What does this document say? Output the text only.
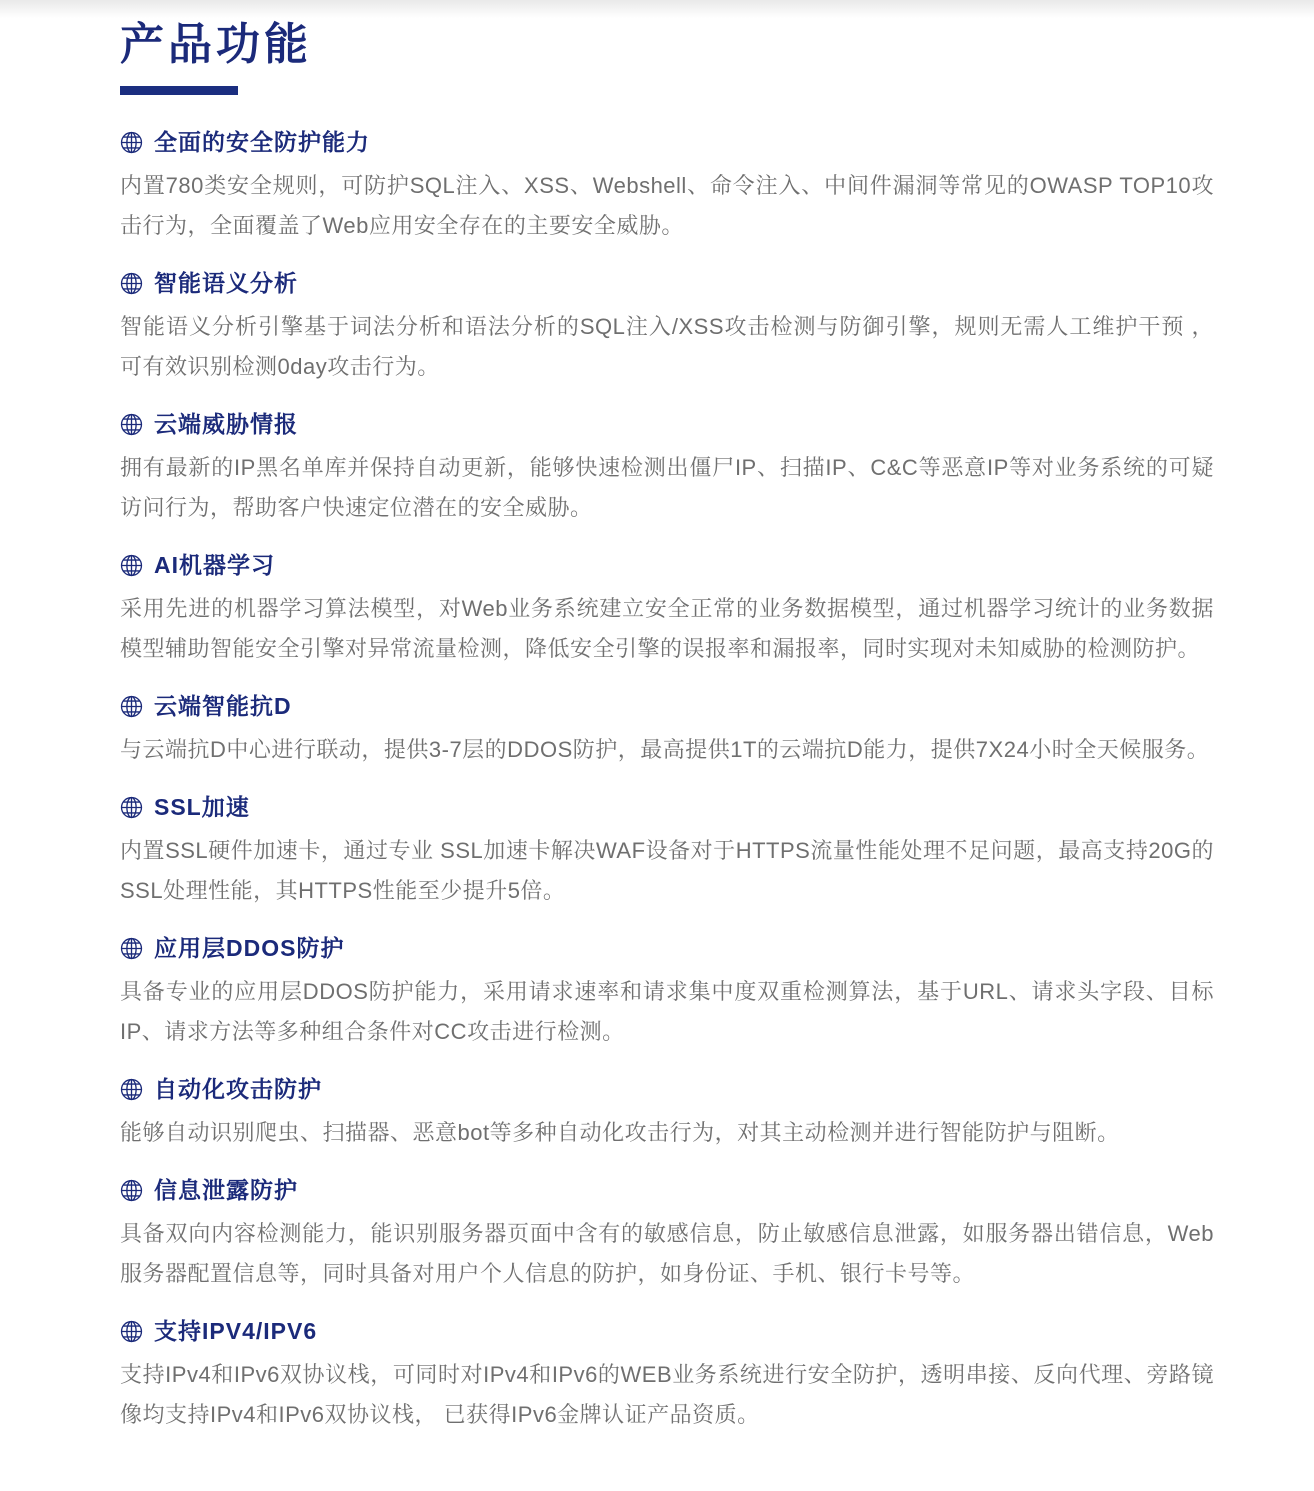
产品功能
全面的安全防护能力

内置780类安全规则，可防护SQL注入、XSS、Webshell、命令注入、中间件漏洞等常见的OWASP TOP10攻击行为，全面覆盖了Web应用安全存在的主要安全威胁。

智能语义分析

智能语义分析引擎基于词法分析和语法分析的SQL注入/XSS攻击检测与防御引擎，规则无需人工维护干预 ，可有效识别检测0day攻击行为。

云端威胁情报

拥有最新的IP黑名单库并保持自动更新，能够快速检测出僵尸IP、扫描IP、C&C等恶意IP等对业务系统的可疑访问行为，帮助客户快速定位潜在的安全威胁。

AI机器学习

采用先进的机器学习算法模型，对Web业务系统建立安全正常的业务数据模型，通过机器学习统计的业务数据模型辅助智能安全引擎对异常流量检测，降低安全引擎的误报率和漏报率，同时实现对未知威胁的检测防护。

云端智能抗D

与云端抗D中心进行联动，提供3-7层的DDOS防护，最高提供1T的云端抗D能力，提供7X24小时全天候服务。

SSL加速

内置SSL硬件加速卡，通过专业 SSL加速卡解决WAF设备对于HTTPS流量性能处理不足问题，最高支持20G的SSL处理性能，其HTTPS性能至少提升5倍。

应用层DDOS防护

具备专业的应用层DDOS防护能力，采用请求速率和请求集中度双重检测算法，基于URL、请求头字段、目标IP、请求方法等多种组合条件对CC攻击进行检测。

自动化攻击防护

能够自动识别爬虫、扫描器、恶意bot等多种自动化攻击行为，对其主动检测并进行智能防护与阻断。

信息泄露防护

具备双向内容检测能力，能识别服务器页面中含有的敏感信息，防止敏感信息泄露，如服务器出错信息，Web服务器配置信息等，同时具备对用户个人信息的防护，如身份证、手机、银行卡号等。

支持IPV4/IPV6

支持IPv4和IPv6双协议栈，可同时对IPv4和IPv6的WEB业务系统进行安全防护，透明串接、反向代理、旁路镜像均支持IPv4和IPv6双协议栈， 已获得IPv6金牌认证产品资质。
